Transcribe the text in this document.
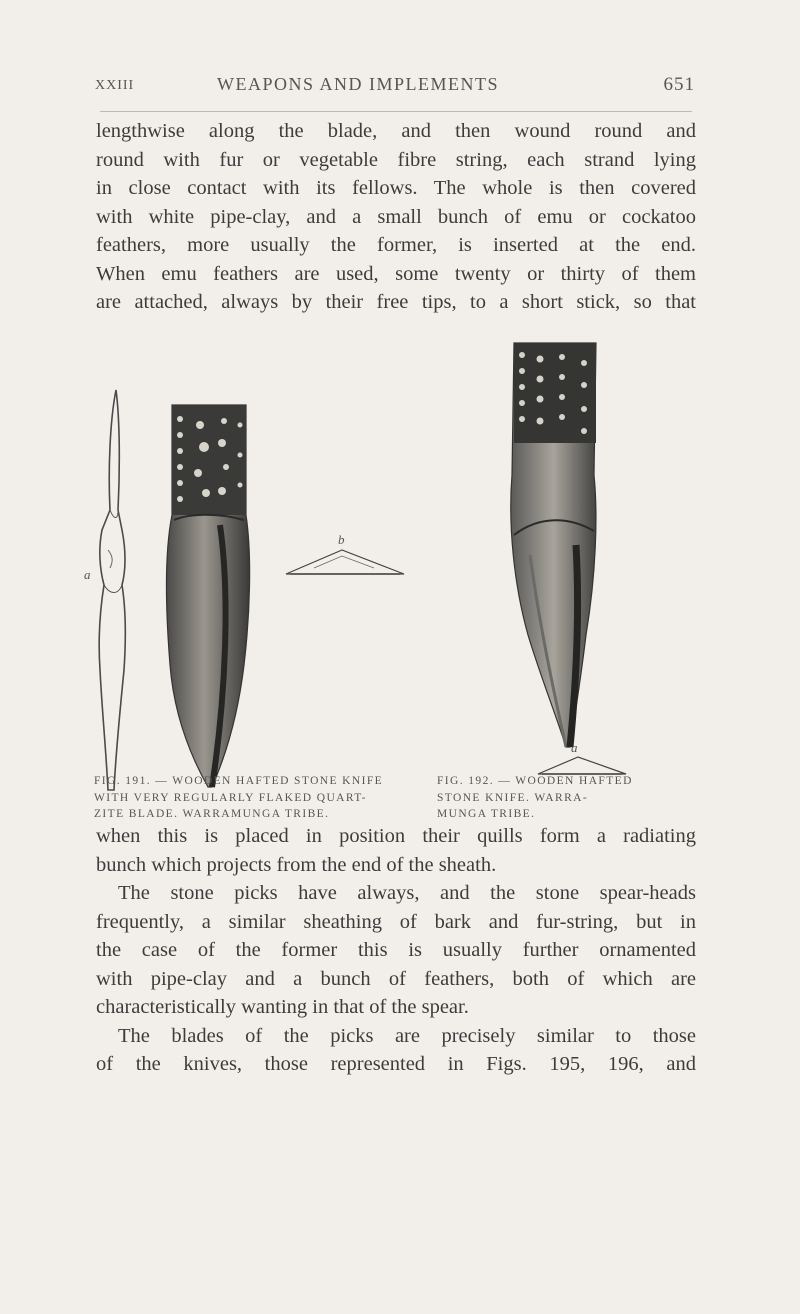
XXIII	WEAPONS AND IMPLEMENTS	651
lengthwise along the blade, and then wound round and
round with fur or vegetable fibre string, each strand lying
in close contact with its fellows. The whole is then covered
with white pipe-clay, and a small bunch of emu or cockatoo
feathers, more usually the former, is inserted at the end.
When emu feathers are used, some twenty or thirty of them
are attached, always by their free tips, to a short stick, so that
a
b
a
FIG. 191. — WOODEN HAFTED STONE KNIFE
WITH VERY REGULARLY FLAKED QUART-
ZITE BLADE. WARRAMUNGA TRIBE.
FIG. 192. — WOODEN HAFTED
STONE KNIFE. WARRA-
MUNGA TRIBE.
when this is placed in position their quills form a radiating
bunch which projects from the end of the sheath.
The stone picks have always, and the stone spear-heads
frequently, a similar sheathing of bark and fur-string, but in
the case of the former this is usually further ornamented
with pipe-clay and a bunch of feathers, both of which are
characteristically wanting in that of the spear.
The blades of the picks are precisely similar to those
of the knives, those represented in Figs. 195, 196, and
